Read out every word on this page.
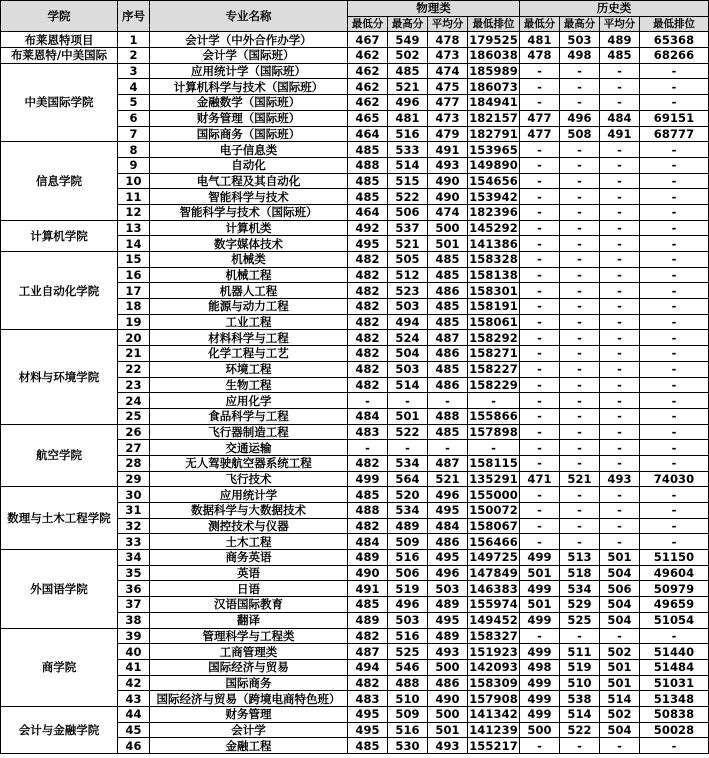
学院	序号	专业名称	物理类				历史类			
			最低分	最高分	平均分	最低排位	最低分	最高分	平均分	最低排位
布莱恩特项目	1	会计学（中外合作办学）	467	549	478	179525	481	503	489	65368
布莱恩特/中美国际	2	会计学（国际班）	462	502	473	186038	478	498	485	68266
中美国际学院	3	应用统计学（国际班）	462	485	474	185989	-	-	-	-
	4	计算机科学与技术（国际班）	462	521	475	186073	-	-	-	-
	5	金融数学（国际班）	462	496	477	184941	-	-	-	-
	6	财务管理（国际班）	465	481	473	182157	477	496	484	69151
	7	国际商务（国际班）	464	516	479	182791	477	508	491	68777
信息学院	8	电子信息类	485	533	491	153965	-	-	-	-
	9	自动化	488	514	493	149890	-	-	-	-
	10	电气工程及其自动化	485	515	490	154656	-	-	-	-
	11	智能科学与技术	485	522	490	153942	-	-	-	-
	12	智能科学与技术（国际班）	464	506	474	182396	-	-	-	-
计算机学院	13	计算机类	492	537	500	145292	-	-	-	-
	14	数字媒体技术	495	521	501	141386	-	-	-	-
工业自动化学院	15	机械类	482	505	485	158328	-	-	-	-
	16	机械工程	482	512	485	158138	-	-	-	-
	17	机器人工程	482	523	486	158301	-	-	-	-
	18	能源与动力工程	482	503	485	158191	-	-	-	-
	19	工业工程	482	494	485	158061	-	-	-	-
材料与环境学院	20	材料科学与工程	482	524	487	158292	-	-	-	-
	21	化学工程与工艺	482	504	486	158271	-	-	-	-
	22	环境工程	482	503	485	158227	-	-	-	-
	23	生物工程	482	514	486	158229	-	-	-	-
	24	应用化学	-	-	-	-	-	-	-	-
	25	食品科学与工程	484	501	488	155866	-	-	-	-
航空学院	26	飞行器制造工程	483	522	485	157898	-	-	-	-
	27	交通运输	-	-	-	-	-	-	-	-
	28	无人驾驶航空器系统工程	482	534	487	158115	-	-	-	-
	29	飞行技术	499	564	521	135291	471	521	493	74030
数理与土木工程学院	30	应用统计学	485	520	496	155000	-	-	-	-
	31	数据科学与大数据技术	488	534	495	150072	-	-	-	-
	32	测控技术与仪器	482	489	484	158067	-	-	-	-
	33	土木工程	484	509	486	156466	-	-	-	-
外国语学院	34	商务英语	489	516	495	149725	499	513	501	51150
	35	英语	490	506	496	147849	501	518	504	49604
	36	日语	491	519	503	146383	499	534	506	50979
	37	汉语国际教育	485	496	489	155974	501	529	504	49659
	38	翻译	489	503	495	149452	499	525	504	51054
商学院	39	管理科学与工程类	482	516	489	158327	-	-	-	-
	40	工商管理类	487	525	493	151923	499	511	502	51440
	41	国际经济与贸易	494	546	500	142093	498	519	501	51484
	42	国际商务	482	488	486	158309	499	510	501	51031
	43	国际经济与贸易（跨境电商特色班）	483	510	490	157908	499	538	514	51348
会计与金融学院	44	财务管理	495	509	500	141342	499	514	502	50838
	45	会计学	495	516	501	141239	500	522	504	50028
	46	金融工程	485	530	493	155217	-	-	-	-
